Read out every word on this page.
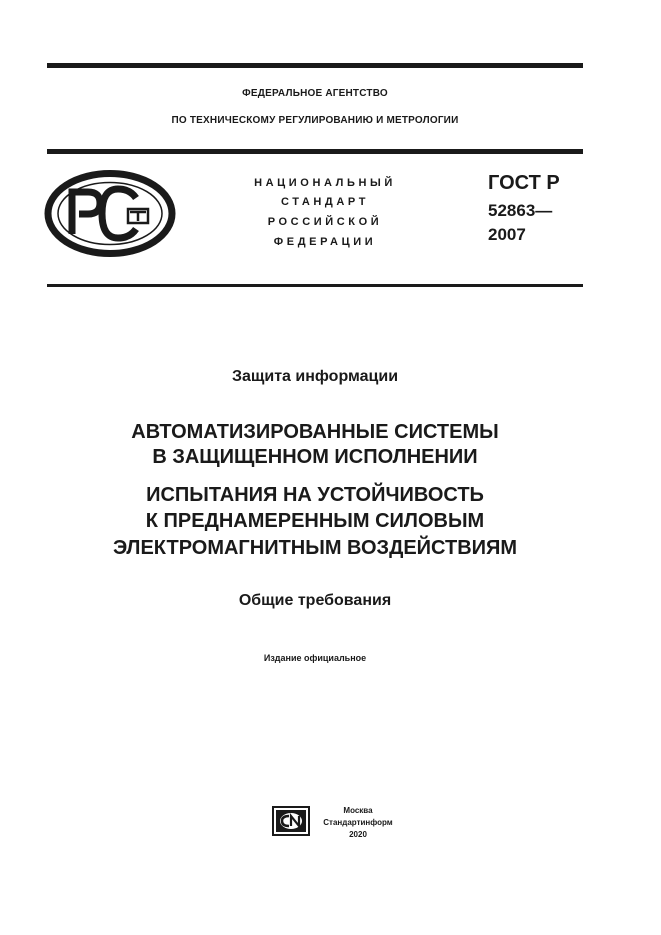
ФЕДЕРАЛЬНОЕ АГЕНТСТВО
ПО ТЕХНИЧЕСКОМУ РЕГУЛИРОВАНИЮ И МЕТРОЛОГИИ
НАЦИОНАЛЬНЫЙ
СТАНДАРТ
РОССИЙСКОЙ
ФЕДЕРАЦИИ
ГОСТ Р
52863—
2007
Защита информации
АВТОМАТИЗИРОВАННЫЕ СИСТЕМЫ
В ЗАЩИЩЕННОМ ИСПОЛНЕНИИ
ИСПЫТАНИЯ НА УСТОЙЧИВОСТЬ
К ПРЕДНАМЕРЕННЫМ СИЛОВЫМ
ЭЛЕКТРОМАГНИТНЫМ ВОЗДЕЙСТВИЯМ
Общие требования
Издание официальное
Москва
Стандартинформ
2020
